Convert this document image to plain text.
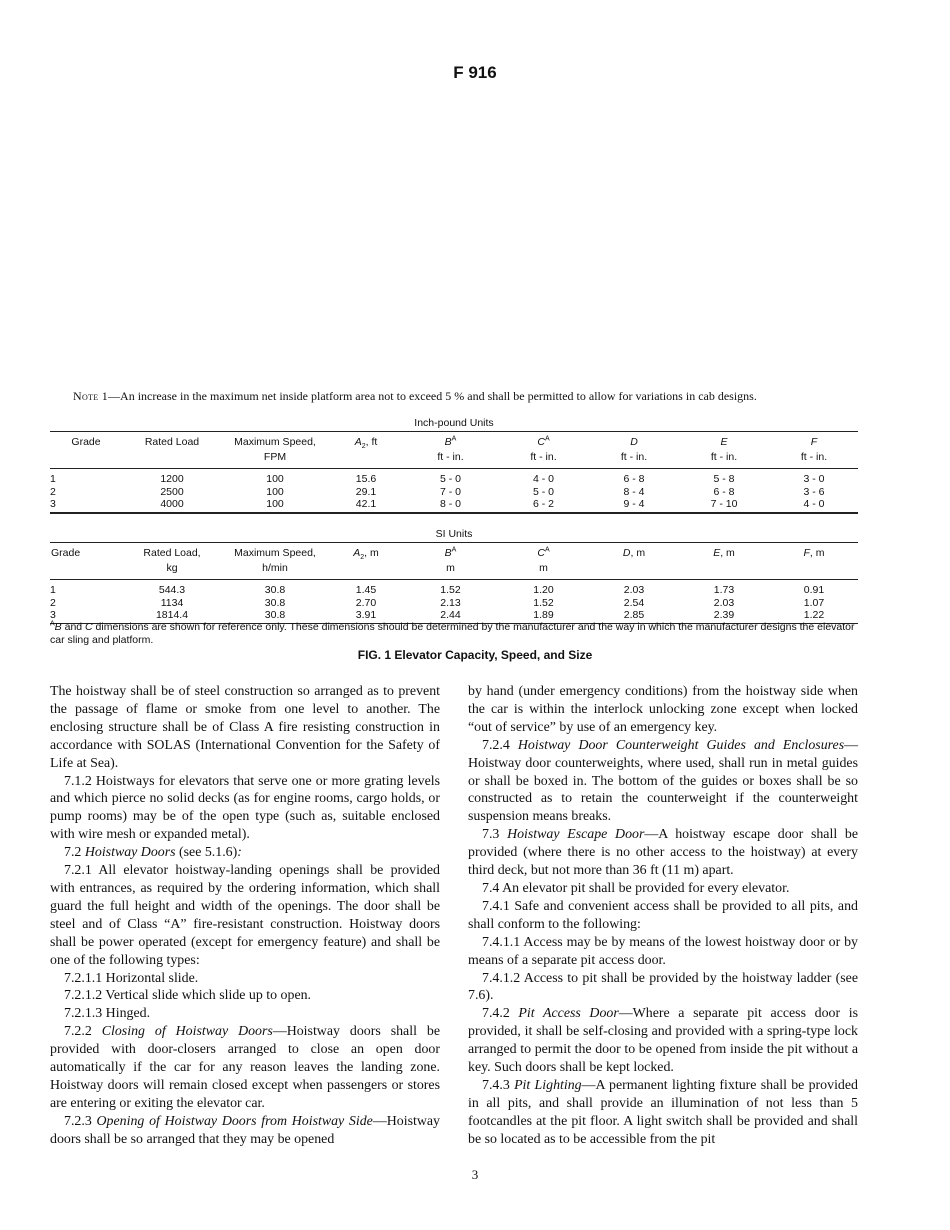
F 916
Note 1—An increase in the maximum net inside platform area not to exceed 5 % and shall be permitted to allow for variations in cab designs.
Inch-pound Units
Grade	Rated Load	Maximum Speed,	$A_2$, ft	$B^A$	$C^A$	D	E	F
		FPM		ft - in.	ft - in.	ft - in.	ft - in.	ft - in.
1	1200	100	15.6	5 - 0	4 - 0	6 - 8	5 - 8	3 - 0
2	2500	100	29.1	7 - 0	5 - 0	8 - 4	6 - 8	3 - 6
3	4000	100	42.1	8 - 0	6 - 2	9 - 4	7 - 10	4 - 0
SI Units
Grade	Rated Load,	Maximum Speed,	$A_2$, m	$B^A$	$C^A$	D, m	E, m	F, m
	kg	h/min		m	m			
1	544.3	30.8	1.45	1.52	1.20	2.03	1.73	0.91
2	1134	30.8	2.70	2.13	1.52	2.54	2.03	1.07
3	1814.4	30.8	3.91	2.44	1.89	2.85	2.39	1.22
$^A$B and C dimensions are shown for reference only. These dimensions should be determined by the manufacturer and the way in which the manufacturer designs the elevator car sling and platform.
FIG. 1 Elevator Capacity, Speed, and Size

The hoistway shall be of steel construction so arranged as to prevent the passage of flame or smoke from one level to another. The enclosing structure shall be of Class A fire resisting construction in accordance with SOLAS (International Convention for the Safety of Life at Sea).

7.1.2 Hoistways for elevators that serve one or more grating levels and which pierce no solid decks (as for engine rooms, cargo holds, or pump rooms) may be of the open type (such as, suitable enclosed with wire mesh or expanded metal).

7.2 Hoistway Doors (see 5.1.6):

7.2.1 All elevator hoistway-landing openings shall be provided with entrances, as required by the ordering information, which shall guard the full height and width of the openings. The door shall be steel and of Class “A” fire-resistant construction. Hoistway doors shall be power operated (except for emergency feature) and shall be one of the following types:

7.2.1.1 Horizontal slide.

7.2.1.2 Vertical slide which slide up to open.

7.2.1.3 Hinged.

7.2.2 Closing of Hoistway Doors—Hoistway doors shall be provided with door-closers arranged to close an open door automatically if the car for any reason leaves the landing zone. Hoistway doors will remain closed except when passengers or stores are entering or exiting the elevator car.

7.2.3 Opening of Hoistway Doors from Hoistway Side—Hoistway doors shall be so arranged that they may be opened

by hand (under emergency conditions) from the hoistway side when the car is within the interlock unlocking zone except when locked “out of service” by use of an emergency key.

7.2.4 Hoistway Door Counterweight Guides and Enclosures—Hoistway door counterweights, where used, shall run in metal guides or shall be boxed in. The bottom of the guides or boxes shall be so constructed as to retain the counterweight if the counterweight suspension means breaks.

7.3 Hoistway Escape Door—A hoistway escape door shall be provided (where there is no other access to the hoistway) at every third deck, but not more than 36 ft (11 m) apart.

7.4 An elevator pit shall be provided for every elevator.

7.4.1 Safe and convenient access shall be provided to all pits, and shall conform to the following:

7.4.1.1 Access may be by means of the lowest hoistway door or by means of a separate pit access door.

7.4.1.2 Access to pit shall be provided by the hoistway ladder (see 7.6).

7.4.2 Pit Access Door—Where a separate pit access door is provided, it shall be self-closing and provided with a spring-type lock arranged to permit the door to be opened from inside the pit without a key. Such doors shall be kept locked.

7.4.3 Pit Lighting—A permanent lighting fixture shall be provided in all pits, and shall provide an illumination of not less than 5 footcandles at the pit floor. A light switch shall be provided and shall be so located as to be accessible from the pit

3
